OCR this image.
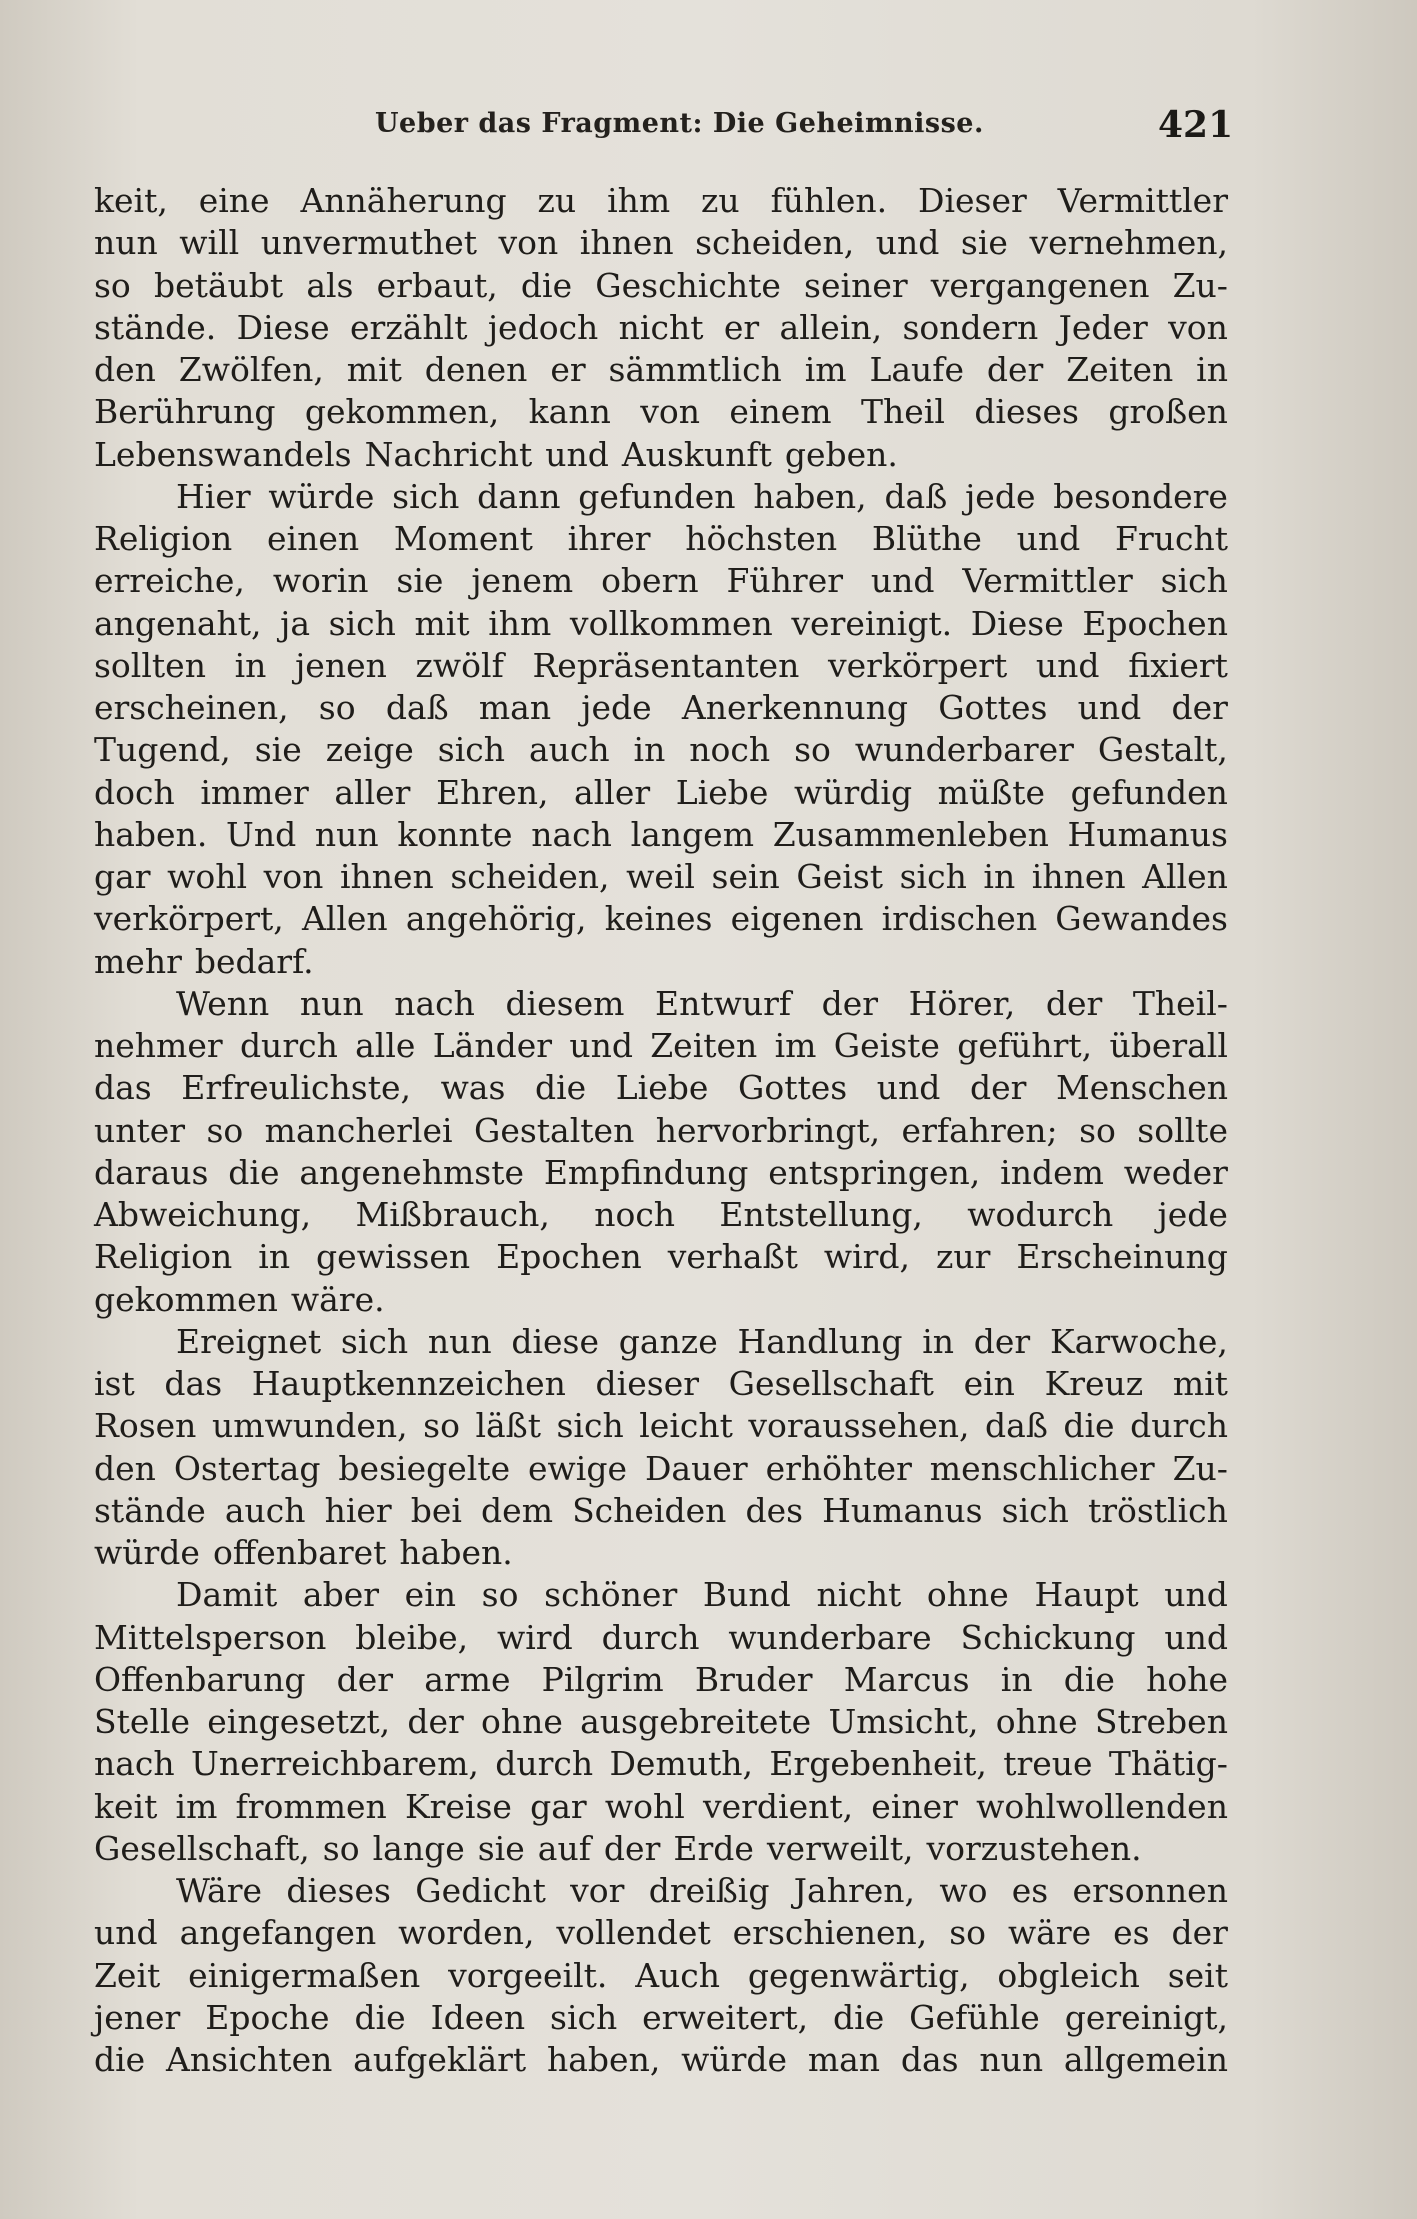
Ueber das Fragment: Die Geheimnisse.	421
keit, eine Annäherung zu ihm zu fühlen. Dieser Vermittler
nun will unvermuthet von ihnen scheiden, und sie vernehmen,
so betäubt als erbaut, die Geschichte seiner vergangenen Zu-
stände. Diese erzählt jedoch nicht er allein, sondern Jeder von
den Zwölfen, mit denen er sämmtlich im Laufe der Zeiten in
Berührung gekommen, kann von einem Theil dieses großen
Lebenswandels Nachricht und Auskunft geben.
Hier würde sich dann gefunden haben, daß jede besondere
Religion einen Moment ihrer höchsten Blüthe und Frucht
erreiche, worin sie jenem obern Führer und Vermittler sich
angenaht, ja sich mit ihm vollkommen vereinigt. Diese Epochen
sollten in jenen zwölf Repräsentanten verkörpert und fixiert
erscheinen, so daß man jede Anerkennung Gottes und der
Tugend, sie zeige sich auch in noch so wunderbarer Gestalt,
doch immer aller Ehren, aller Liebe würdig müßte gefunden
haben. Und nun konnte nach langem Zusammenleben Humanus
gar wohl von ihnen scheiden, weil sein Geist sich in ihnen Allen
verkörpert, Allen angehörig, keines eigenen irdischen Gewandes
mehr bedarf.
Wenn nun nach diesem Entwurf der Hörer, der Theil-
nehmer durch alle Länder und Zeiten im Geiste geführt, überall
das Erfreulichste, was die Liebe Gottes und der Menschen
unter so mancherlei Gestalten hervorbringt, erfahren; so sollte
daraus die angenehmste Empfindung entspringen, indem weder
Abweichung, Mißbrauch, noch Entstellung, wodurch jede
Religion in gewissen Epochen verhaßt wird, zur Erscheinung
gekommen wäre.
Ereignet sich nun diese ganze Handlung in der Karwoche,
ist das Hauptkennzeichen dieser Gesellschaft ein Kreuz mit
Rosen umwunden, so läßt sich leicht voraussehen, daß die durch
den Ostertag besiegelte ewige Dauer erhöhter menschlicher Zu-
stände auch hier bei dem Scheiden des Humanus sich tröstlich
würde offenbaret haben.
Damit aber ein so schöner Bund nicht ohne Haupt und
Mittelsperson bleibe, wird durch wunderbare Schickung und
Offenbarung der arme Pilgrim Bruder Marcus in die hohe
Stelle eingesetzt, der ohne ausgebreitete Umsicht, ohne Streben
nach Unerreichbarem, durch Demuth, Ergebenheit, treue Thätig-
keit im frommen Kreise gar wohl verdient, einer wohlwollenden
Gesellschaft, so lange sie auf der Erde verweilt, vorzustehen.
Wäre dieses Gedicht vor dreißig Jahren, wo es ersonnen
und angefangen worden, vollendet erschienen, so wäre es der
Zeit einigermaßen vorgeeilt. Auch gegenwärtig, obgleich seit
jener Epoche die Ideen sich erweitert, die Gefühle gereinigt,
die Ansichten aufgeklärt haben, würde man das nun allgemein
